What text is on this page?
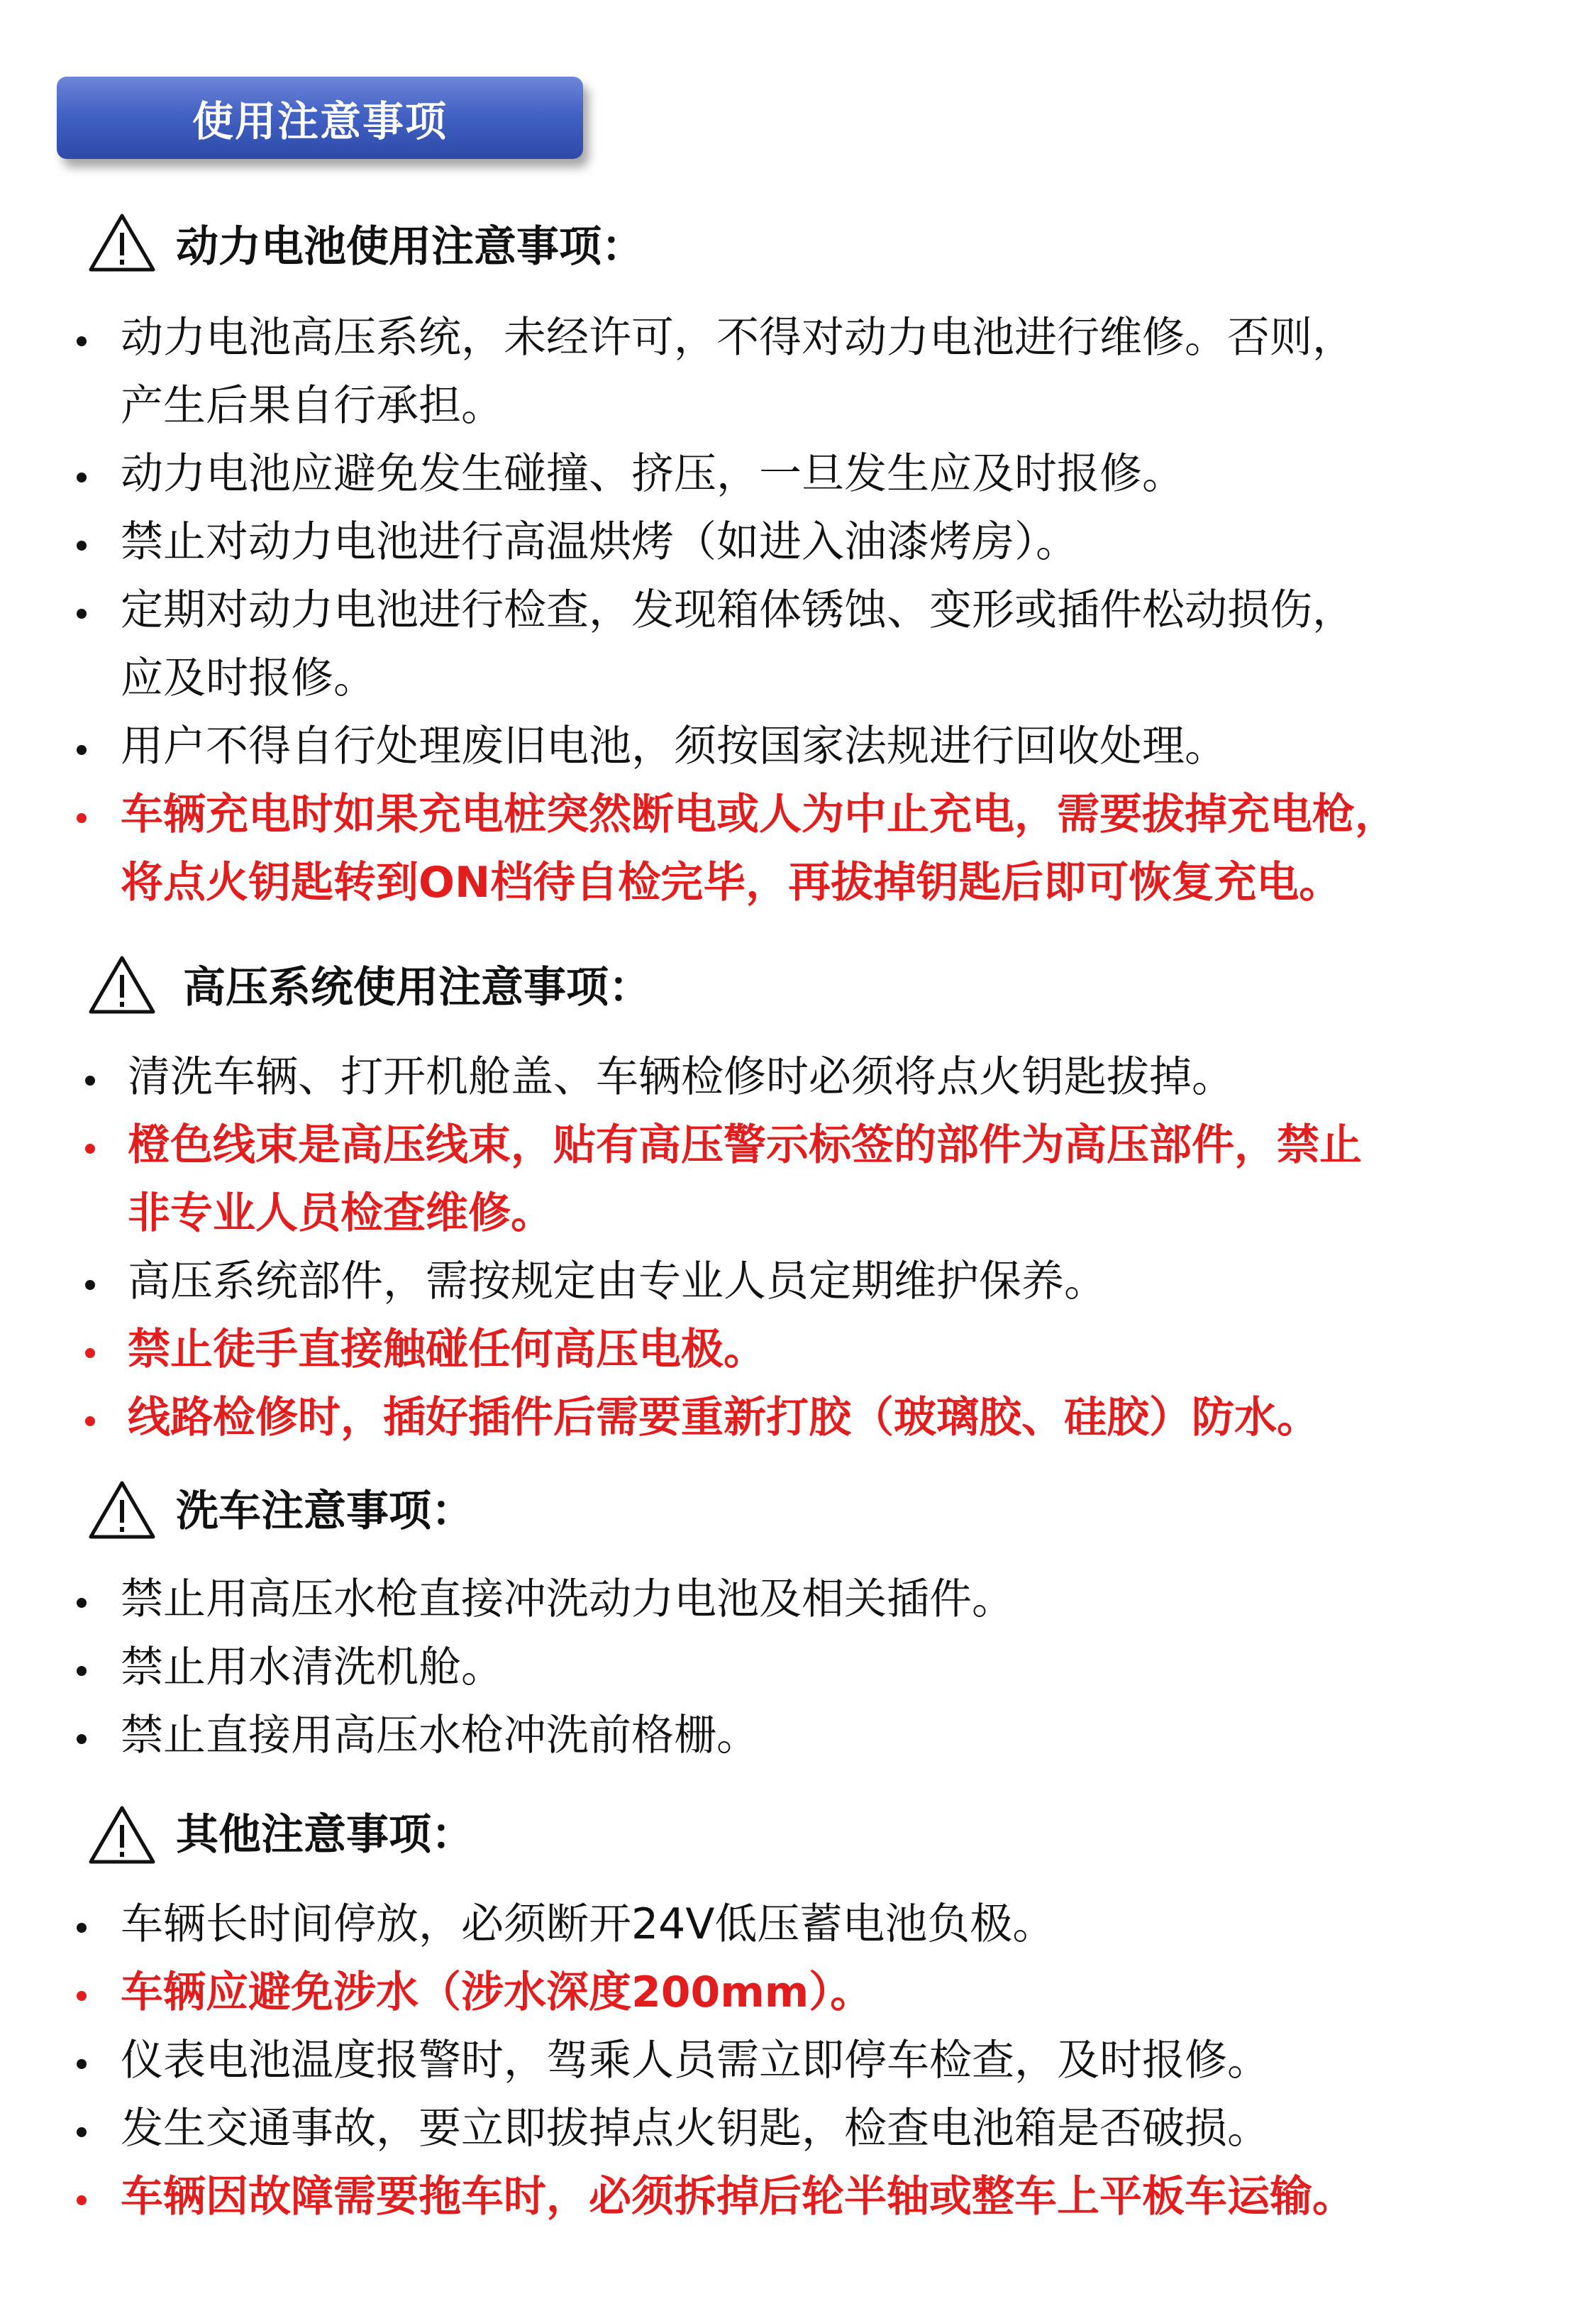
使用注意事项
动力电池使用注意事项：
动力电池高压系统，未经许可，不得对动力电池进行维修。否则，
产生后果自行承担。
动力电池应避免发生碰撞、挤压，一旦发生应及时报修。
禁止对动力电池进行高温烘烤（如进入油漆烤房）。
定期对动力电池进行检查，发现箱体锈蚀、变形或插件松动损伤，
应及时报修。
用户不得自行处理废旧电池，须按国家法规进行回收处理。
车辆充电时如果充电桩突然断电或人为中止充电，需要拔掉充电枪，
将点火钥匙转到ON档待自检完毕，再拔掉钥匙后即可恢复充电。
高压系统使用注意事项：
清洗车辆、打开机舱盖、车辆检修时必须将点火钥匙拔掉。
橙色线束是高压线束，贴有高压警示标签的部件为高压部件，禁止
非专业人员检查维修。
高压系统部件，需按规定由专业人员定期维护保养。
禁止徒手直接触碰任何高压电极。
线路检修时，插好插件后需要重新打胶（玻璃胶、硅胶）防水。
洗车注意事项：
禁止用高压水枪直接冲洗动力电池及相关插件。
禁止用水清洗机舱。
禁止直接用高压水枪冲洗前格栅。
其他注意事项：
车辆长时间停放，必须断开24V低压蓄电池负极。
车辆应避免涉水（涉水深度200mm）。
仪表电池温度报警时，驾乘人员需立即停车检查，及时报修。
发生交通事故，要立即拔掉点火钥匙，检查电池箱是否破损。
车辆因故障需要拖车时，必须拆掉后轮半轴或整车上平板车运输。
